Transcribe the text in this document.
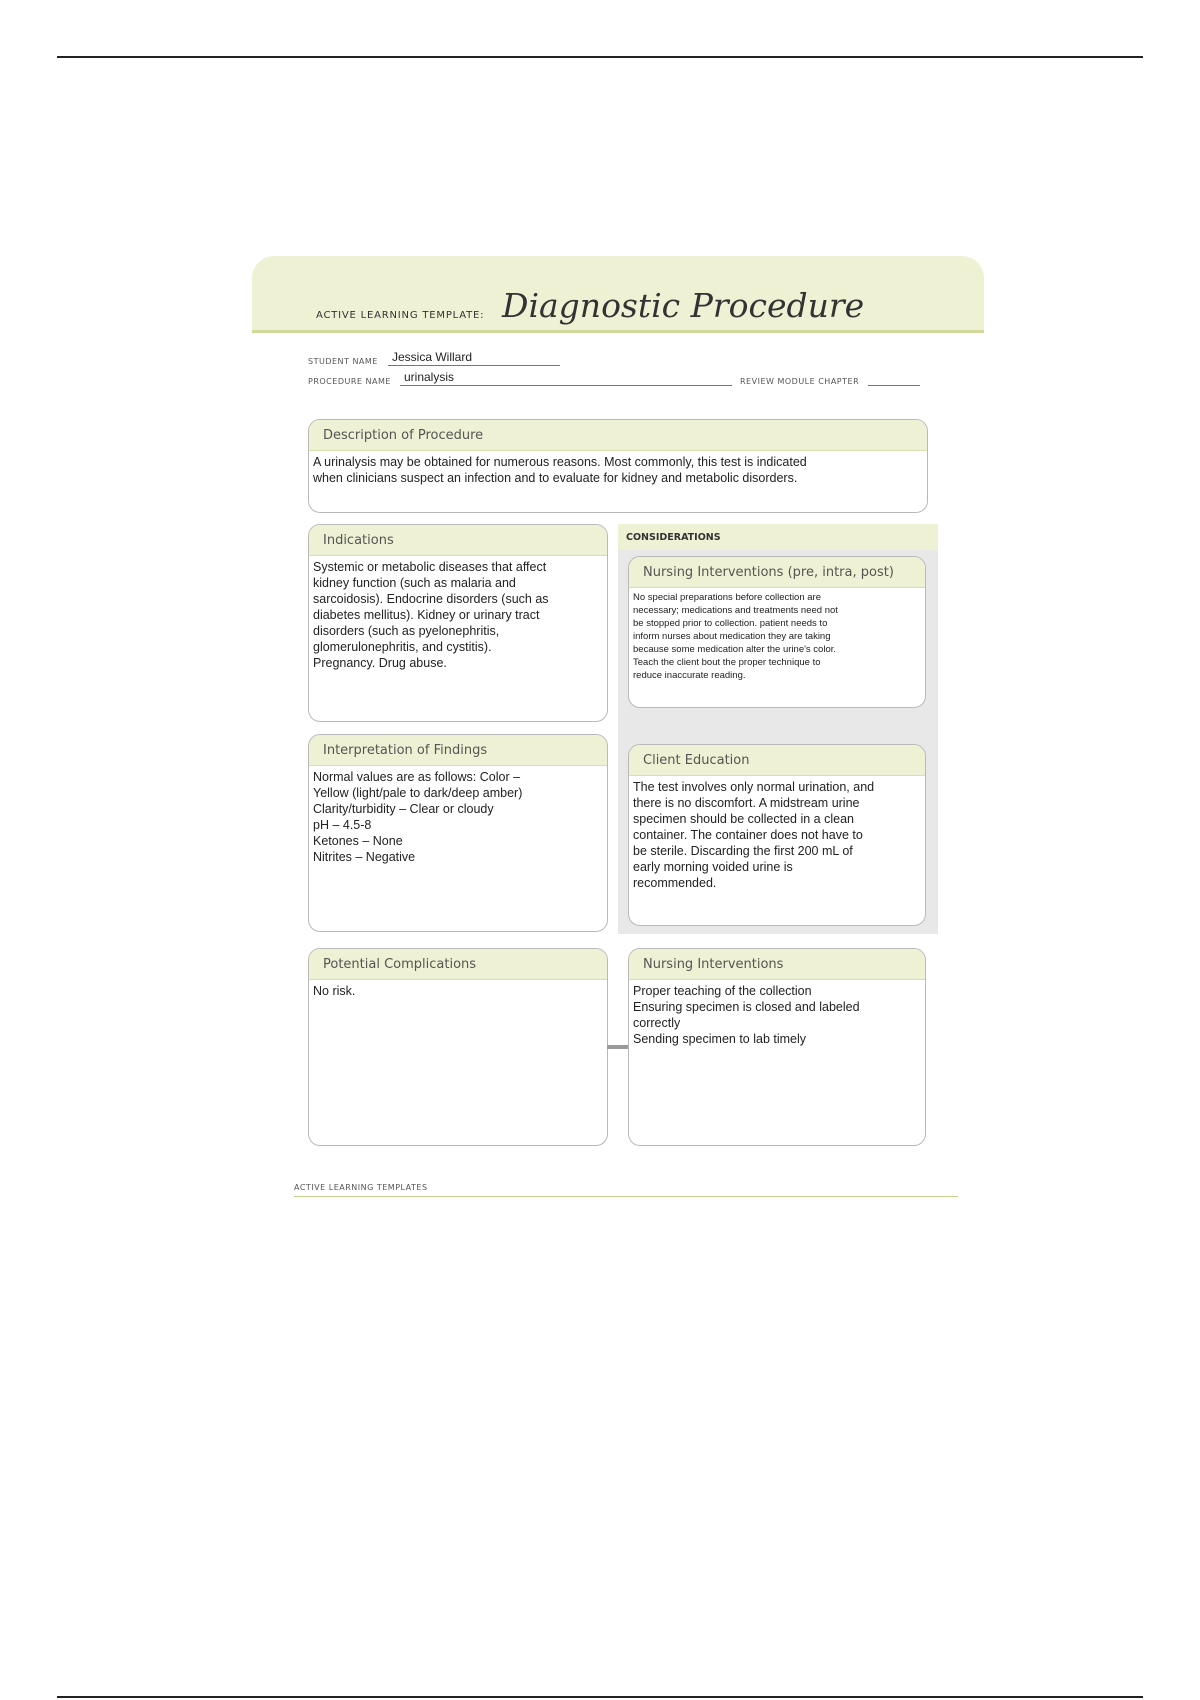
ACTIVE LEARNING TEMPLATE: Diagnostic Procedure
STUDENT NAME Jessica Willard
PROCEDURE NAME urinalysis	REVIEW MODULE CHAPTER
Description of Procedure
A urinalysis may be obtained for numerous reasons. Most commonly, this test is indicated
when clinicians suspect an infection and to evaluate for kidney and metabolic disorders.
CONSIDERATIONS
Indications
Systemic or metabolic diseases that affect
kidney function (such as malaria and
sarcoidosis). Endocrine disorders (such as
diabetes mellitus). Kidney or urinary tract
disorders (such as pyelonephritis,
glomerulonephritis, and cystitis).
Pregnancy. Drug abuse.
Nursing Interventions (pre, intra, post)
No special preparations before collection are
necessary; medications and treatments need not
be stopped prior to collection. patient needs to
inform nurses about medication they are taking
because some medication alter the urine's color.
Teach the client bout the proper technique to
reduce inaccurate reading.
Interpretation of Findings
Normal values are as follows: Color –
Yellow (light/pale to dark/deep amber)
Clarity/turbidity – Clear or cloudy
pH – 4.5-8
Ketones – None
Nitrites – Negative
Client Education
The test involves only normal urination, and
there is no discomfort. A midstream urine
specimen should be collected in a clean
container. The container does not have to
be sterile. Discarding the first 200 mL of
early morning voided urine is
recommended.
Potential Complications
No risk.
Nursing Interventions
Proper teaching of the collection
Ensuring specimen is closed and labeled
correctly
Sending specimen to lab timely
ACTIVE LEARNING TEMPLATES
